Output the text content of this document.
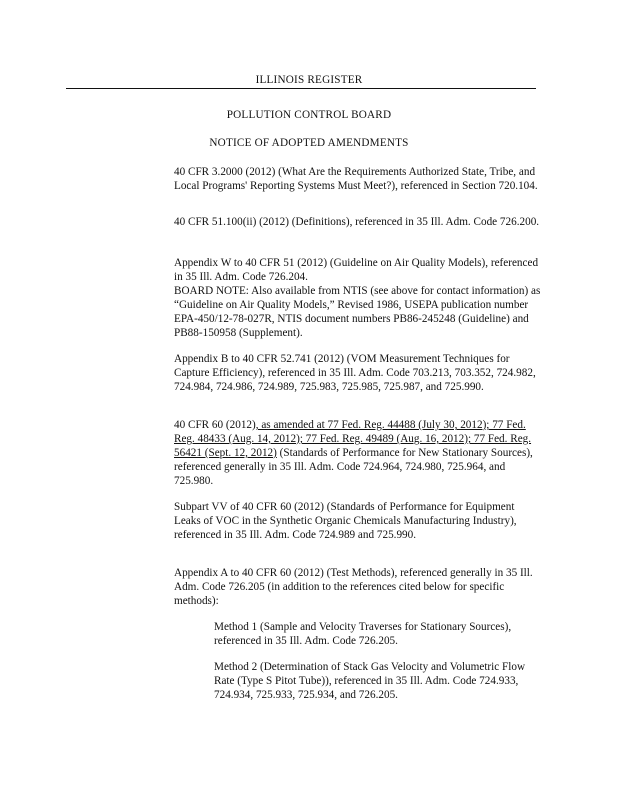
ILLINOIS REGISTER
POLLUTION CONTROL BOARD
NOTICE OF ADOPTED AMENDMENTS
40 CFR 3.2000 (2012) (What Are the Requirements Authorized State, Tribe, and Local Programs' Reporting Systems Must Meet?), referenced in Section 720.104.
40 CFR 51.100(ii) (2012) (Definitions), referenced in 35 Ill. Adm. Code 726.200.

Appendix W to 40 CFR 51 (2012) (Guideline on Air Quality Models), referenced in 35 Ill. Adm. Code 726.204.

BOARD NOTE: Also available from NTIS (see above for contact information) as “Guideline on Air Quality Models,” Revised 1986, USEPA publication number EPA-450/12-78-027R, NTIS document numbers PB86-245248 (Guideline) and PB88-150958 (Supplement).

Appendix B to 40 CFR 52.741 (2012) (VOM Measurement Techniques for Capture Efficiency), referenced in 35 Ill. Adm. Code 703.213, 703.352, 724.982, 724.984, 724.986, 724.989, 725.983, 725.985, 725.987, and 725.990.
40 CFR 60 (2012), as amended at 77 Fed. Reg. 44488 (July 30, 2012); 77 Fed. Reg. 48433 (Aug. 14, 2012); 77 Fed. Reg. 49489 (Aug. 16, 2012); 77 Fed. Reg. 56421 (Sept. 12, 2012) (Standards of Performance for New Stationary Sources), referenced generally in 35 Ill. Adm. Code 724.964, 724.980, 725.964, and 725.980.
Subpart VV of 40 CFR 60 (2012) (Standards of Performance for Equipment Leaks of VOC in the Synthetic Organic Chemicals Manufacturing Industry), referenced in 35 Ill. Adm. Code 724.989 and 725.990.
Appendix A to 40 CFR 60 (2012) (Test Methods), referenced generally in 35 Ill. Adm. Code 726.205 (in addition to the references cited below for specific methods):
Method 1 (Sample and Velocity Traverses for Stationary Sources), referenced in 35 Ill. Adm. Code 726.205.
Method 2 (Determination of Stack Gas Velocity and Volumetric Flow Rate (Type S Pitot Tube)), referenced in 35 Ill. Adm. Code 724.933, 724.934, 725.933, 725.934, and 726.205.
